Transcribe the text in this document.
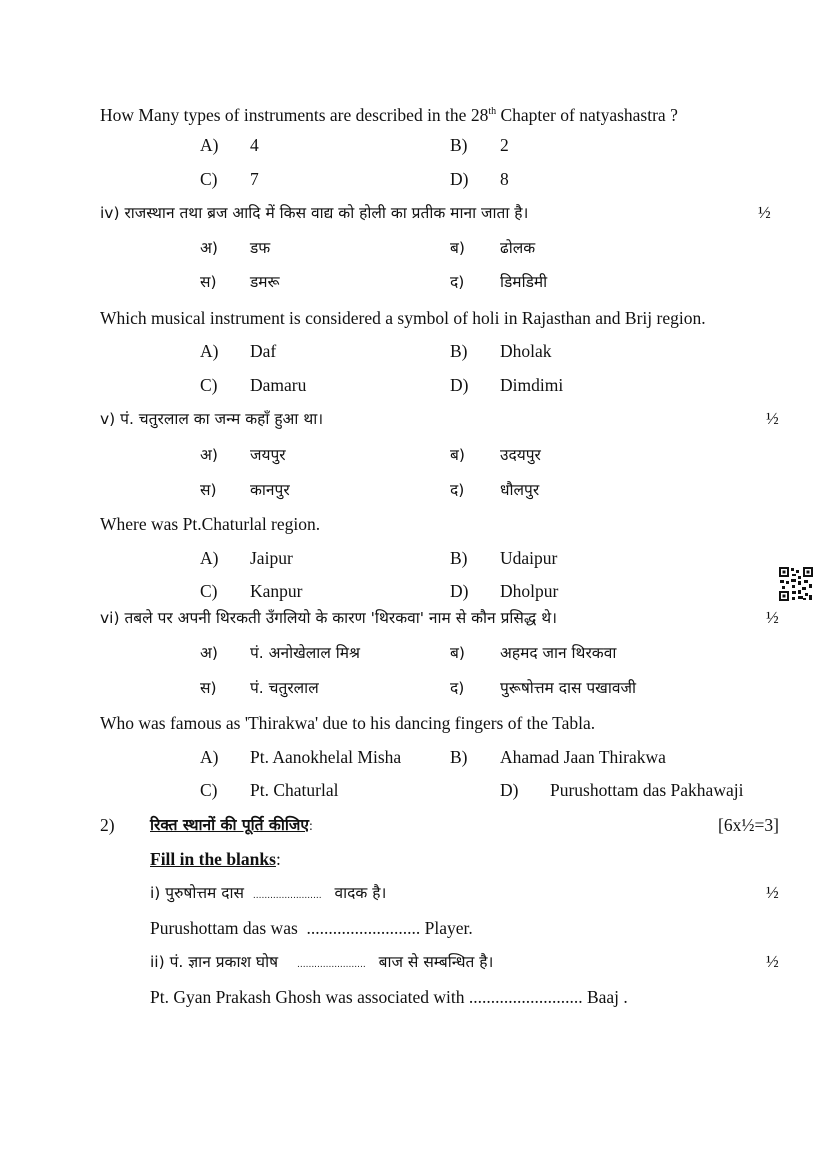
How Many types of instruments are described in the 28th Chapter of natyashastra ?
A) 4	B) 2
C) 7	D) 8
iv) राजस्थान तथा ब्रज आदि में किस वाद्य को होली का प्रतीक माना जाता है।	½
अ) डफ	ब) ढोलक
स) डमरू	द) डिमडिमी
Which musical instrument is considered a symbol of holi in Rajasthan and Brij region.
A) Daf	B) Dholak
C) Damaru	D) Dimdimi
v) पं. चतुरलाल का जन्म कहाँ हुआ था।	½
अ) जयपुर	ब) उदयपुर
स) कानपुर	द) धौलपुर
Where was Pt.Chaturlal region.
A) Jaipur	B) Udaipur
C) Kanpur	D) Dholpur
vi) तबले पर अपनी थिरकती उँगलियो के कारण 'थिरकवा' नाम से कौन प्रसिद्ध थे।	½
अ) पं. अनोखेलाल मिश्र	ब) अहमद जान थिरकवा
स) पं. चतुरलाल	द) पुरूषोत्तम दास पखावजी
Who was famous as 'Thirakwa' due to his dancing fingers of the Tabla.
A) Pt. Aanokhelal Misha	B) Ahamad Jaan Thirakwa
C) Pt. Chaturlal	D) Purushottam das Pakhawaji
2) रिक्त स्थानों की पूर्ति कीजिए:	[6x½=3]
Fill in the blanks:
i) पुरुषोत्तम दास ........................ वादक है।	½
Purushottam das was  .......................... Player.
ii) पं. ज्ञान प्रकाश घोष ........................ बाज से सम्बन्धित है।	½
Pt. Gyan Prakash Ghosh was associated with .......................... Baaj .
